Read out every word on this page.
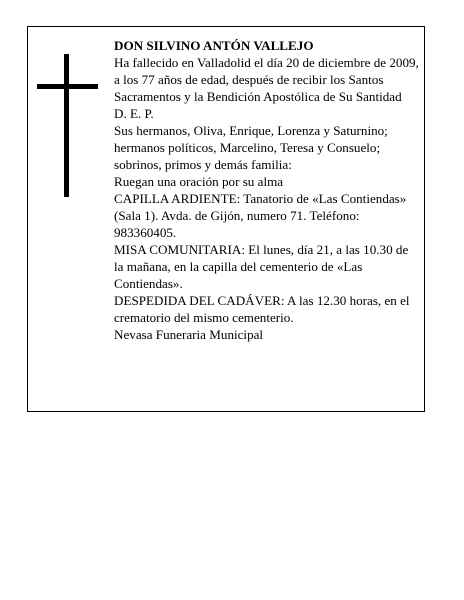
DON SILVINO ANTÓN VALLEJO

Ha fallecido en Valladolid el día 20 de diciembre de 2009, a los 77 años de edad, después de recibir los Santos Sacramentos y la Bendición Apostólica de Su Santidad

D. E. P.

Sus hermanos, Oliva, Enrique, Lorenza y Saturnino; hermanos políticos, Marcelino, Teresa y Consuelo; sobrinos, primos y demás familia:

Ruegan una oración por su alma

CAPILLA ARDIENTE: Tanatorio de «Las Contiendas» (Sala 1). Avda. de Gijón, numero 71. Teléfono: 983360405.

MISA COMUNITARIA: El lunes, día 21, a las 10.30 de la mañana, en la capilla del cementerio de «Las Contiendas».

DESPEDIDA DEL CADÁVER: A las 12.30 horas, en el crematorio del mismo cementerio.

Nevasa Funeraria Municipal
